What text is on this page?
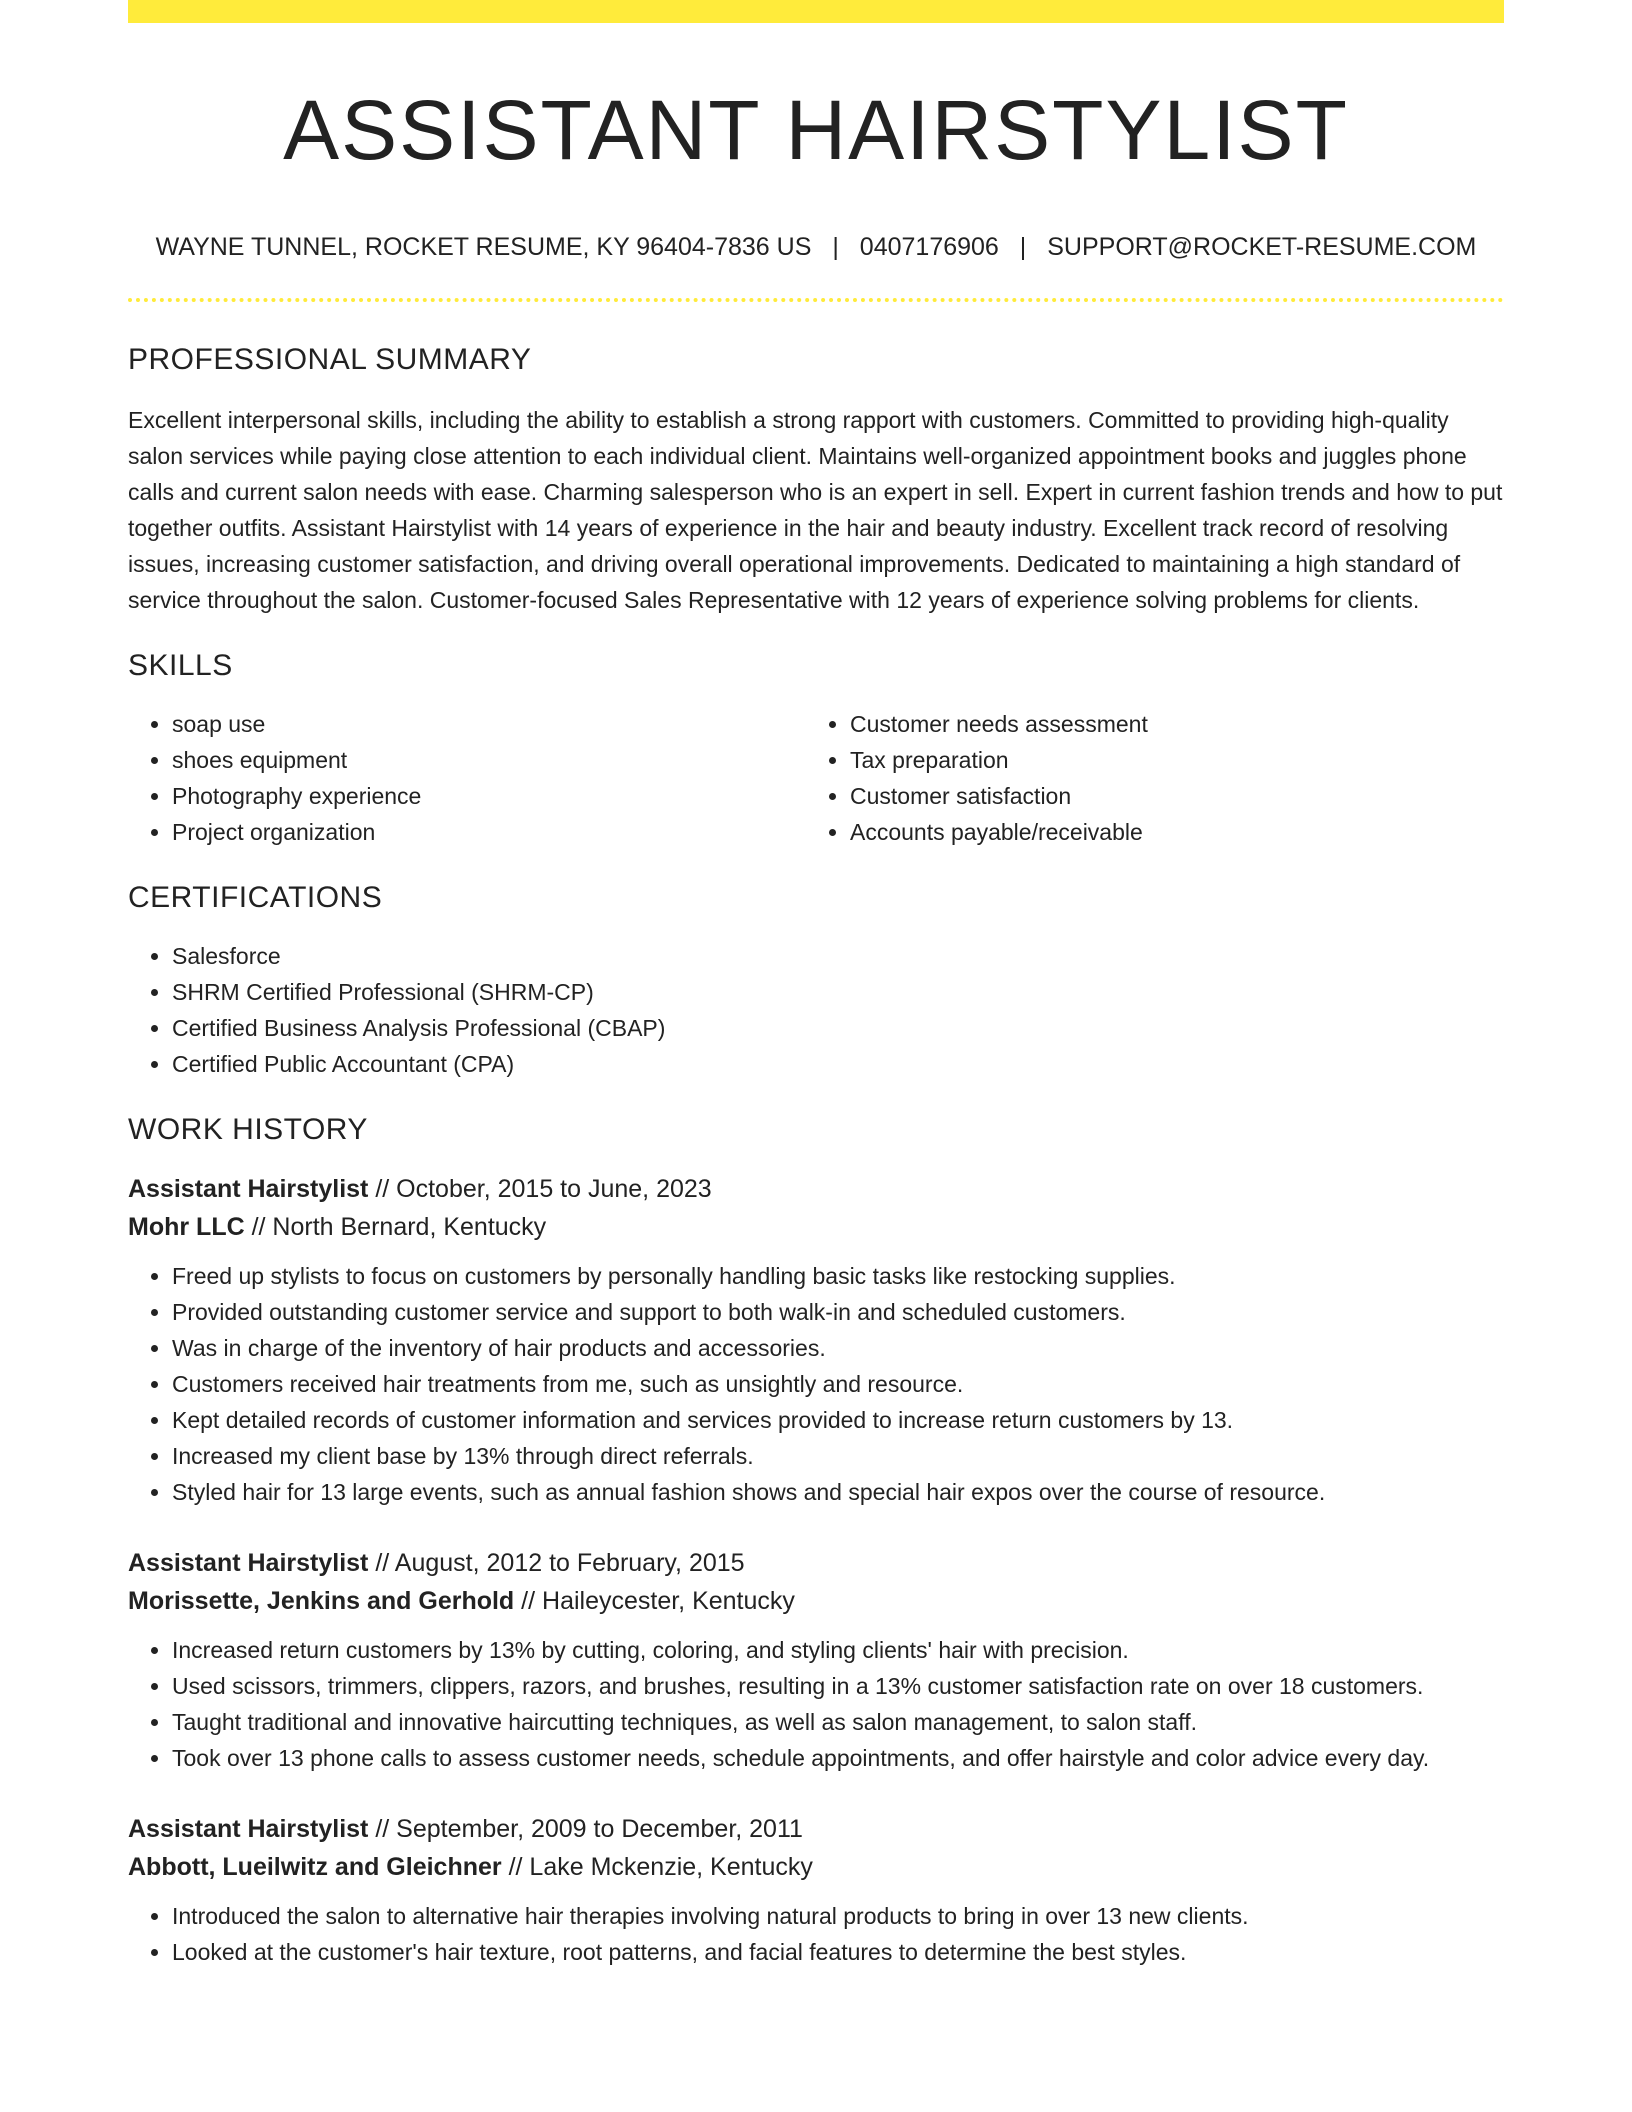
ASSISTANT HAIRSTYLIST
WAYNE TUNNEL, ROCKET RESUME, KY 96404-7836 US | 0407176906 | SUPPORT@ROCKET-RESUME.COM
PROFESSIONAL SUMMARY

Excellent interpersonal skills, including the ability to establish a strong rapport with customers. Committed to providing high-quality salon services while paying close attention to each individual client. Maintains well-organized appointment books and juggles phone calls and current salon needs with ease. Charming salesperson who is an expert in sell. Expert in current fashion trends and how to put together outfits. Assistant Hairstylist with 14 years of experience in the hair and beauty industry. Excellent track record of resolving issues, increasing customer satisfaction, and driving overall operational improvements. Dedicated to maintaining a high standard of service throughout the salon. Customer-focused Sales Representative with 12 years of experience solving problems for clients.

SKILLS
• soap use
• shoes equipment
• Photography experience
• Project organization
• Customer needs assessment
• Tax preparation
• Customer satisfaction
• Accounts payable/receivable
CERTIFICATIONS
• Salesforce
• SHRM Certified Professional (SHRM-CP)
• Certified Business Analysis Professional (CBAP)
• Certified Public Accountant (CPA)
WORK HISTORY
Assistant Hairstylist // October, 2015 to June, 2023
Mohr LLC // North Bernard, Kentucky
• Freed up stylists to focus on customers by personally handling basic tasks like restocking supplies.
• Provided outstanding customer service and support to both walk-in and scheduled customers.
• Was in charge of the inventory of hair products and accessories.
• Customers received hair treatments from me, such as unsightly and resource.
• Kept detailed records of customer information and services provided to increase return customers by 13.
• Increased my client base by 13% through direct referrals.
• Styled hair for 13 large events, such as annual fashion shows and special hair expos over the course of resource.
Assistant Hairstylist // August, 2012 to February, 2015
Morissette, Jenkins and Gerhold // Haileycester, Kentucky
• Increased return customers by 13% by cutting, coloring, and styling clients' hair with precision.
• Used scissors, trimmers, clippers, razors, and brushes, resulting in a 13% customer satisfaction rate on over 18 customers.
• Taught traditional and innovative haircutting techniques, as well as salon management, to salon staff.
• Took over 13 phone calls to assess customer needs, schedule appointments, and offer hairstyle and color advice every day.
Assistant Hairstylist // September, 2009 to December, 2011
Abbott, Lueilwitz and Gleichner // Lake Mckenzie, Kentucky
• Introduced the salon to alternative hair therapies involving natural products to bring in over 13 new clients.
• Looked at the customer's hair texture, root patterns, and facial features to determine the best styles.
